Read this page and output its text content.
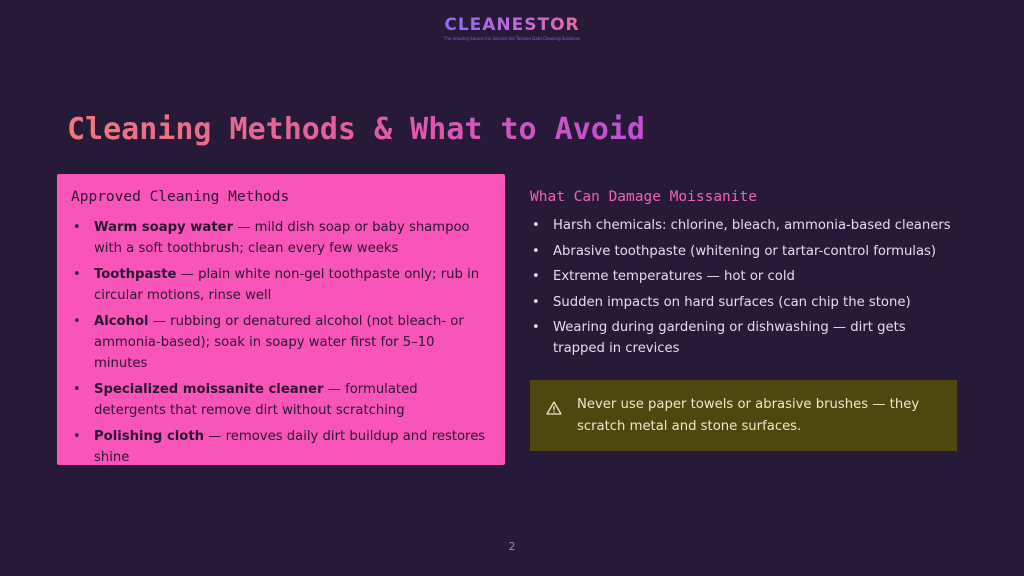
CLEANESTOR
The Industry Source For Service Ink Tension Data Cleaning Solutions
Cleaning Methods & What to Avoid
Approved Cleaning Methods
• Warm soapy water — mild dish soap or baby shampoo with a soft toothbrush; clean every few weeks
• Toothpaste — plain white non-gel toothpaste only; rub in circular motions, rinse well
• Alcohol — rubbing or denatured alcohol (not bleach- or ammonia-based); soak in soapy water first for 5–10 minutes
• Specialized moissanite cleaner — formulated detergents that remove dirt without scratching
• Polishing cloth — removes daily dirt buildup and restores shine
What Can Damage Moissanite
• Harsh chemicals: chlorine, bleach, ammonia-based cleaners
• Abrasive toothpaste (whitening or tartar-control formulas)
• Extreme temperatures — hot or cold
• Sudden impacts on hard surfaces (can chip the stone)
• Wearing during gardening or dishwashing — dirt gets trapped in crevices
Never use paper towels or abrasive brushes — they scratch metal and stone surfaces.
2
